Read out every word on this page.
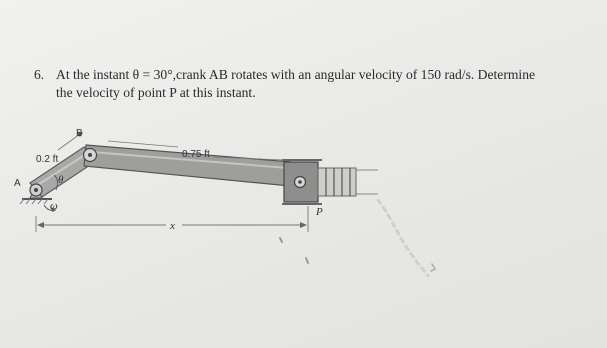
6. At the instant θ = 30°,crank AB rotates with an angular velocity of 150 rad/s. Determine
the velocity of point P at this instant.
A
B
0.2 ft	0.75 ft
θ
ω
x
P
